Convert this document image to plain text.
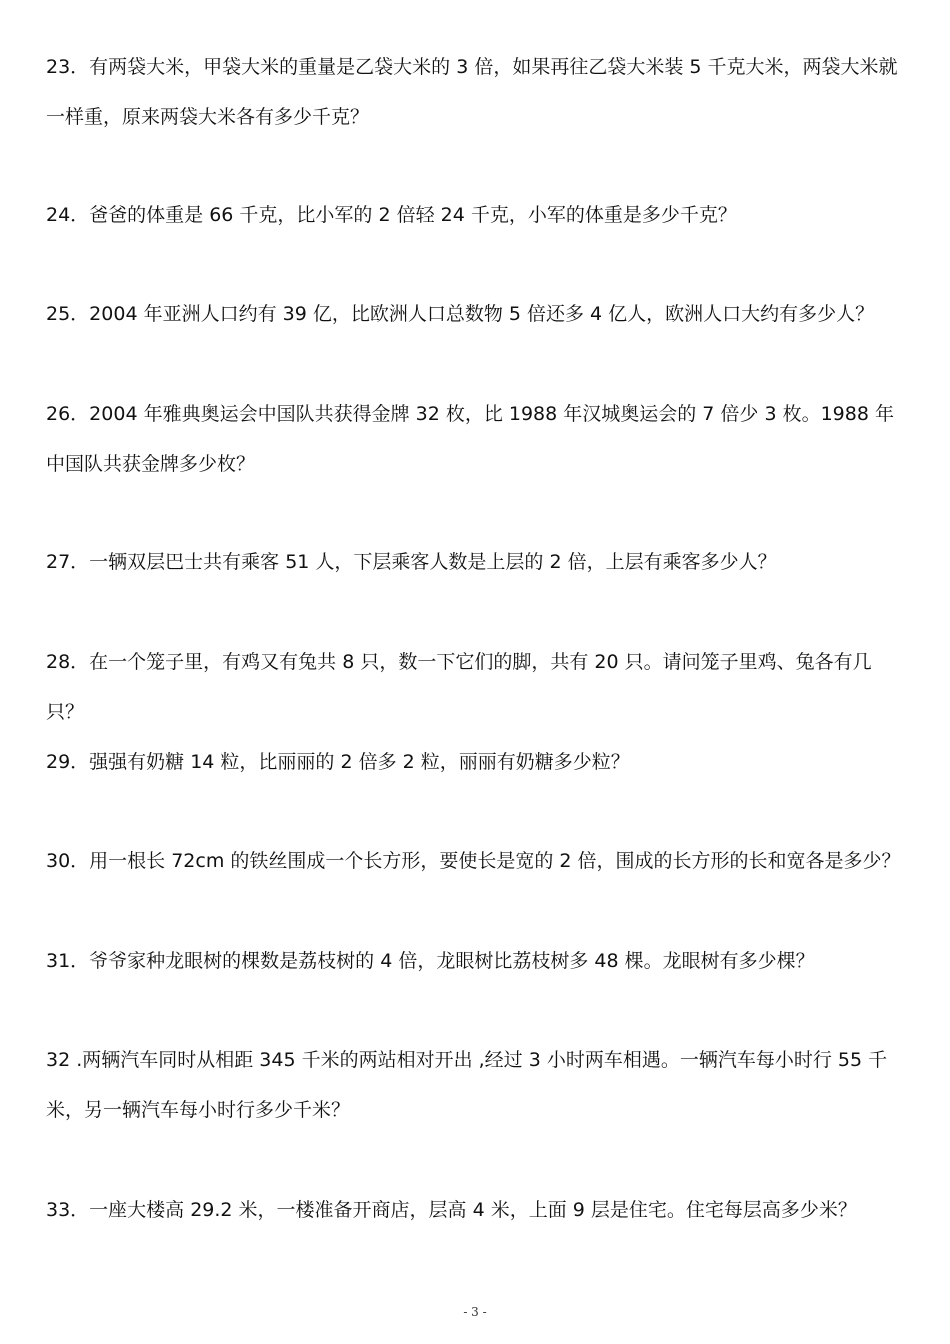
23．有两袋大米，甲袋大米的重量是乙袋大米的 3 倍，如果再往乙袋大米装 5 千克大米，两袋大米就一样重，原来两袋大米各有多少千克？
24．爸爸的体重是 66 千克，比小军的 2 倍轻 24 千克，小军的体重是多少千克？
25．2004 年亚洲人口约有 39 亿，比欧洲人口总数物 5 倍还多 4 亿人，欧洲人口大约有多少人？
26．2004 年雅典奥运会中国队共获得金牌 32 枚，比 1988 年汉城奥运会的 7 倍少 3 枚。1988 年中国队共获金牌多少枚？
27．一辆双层巴士共有乘客 51 人，下层乘客人数是上层的 2 倍，上层有乘客多少人？
28．在一个笼子里，有鸡又有兔共 8 只，数一下它们的脚，共有 20 只。请问笼子里鸡、兔各有几只？
29．强强有奶糖 14 粒，比丽丽的 2 倍多 2 粒，丽丽有奶糖多少粒？
30．用一根长 72cm 的铁丝围成一个长方形，要使长是宽的 2 倍，围成的长方形的长和宽各是多少？
31．爷爷家种龙眼树的棵数是荔枝树的 4 倍，龙眼树比荔枝树多 48 棵。龙眼树有多少棵？
32 .两辆汽车同时从相距 345 千米的两站相对开出 ,经过 3 小时两车相遇。一辆汽车每小时行 55 千米，另一辆汽车每小时行多少千米？
33．一座大楼高 29.2 米，一楼准备开商店，层高 4 米，上面 9 层是住宅。住宅每层高多少米？
- 3 -
